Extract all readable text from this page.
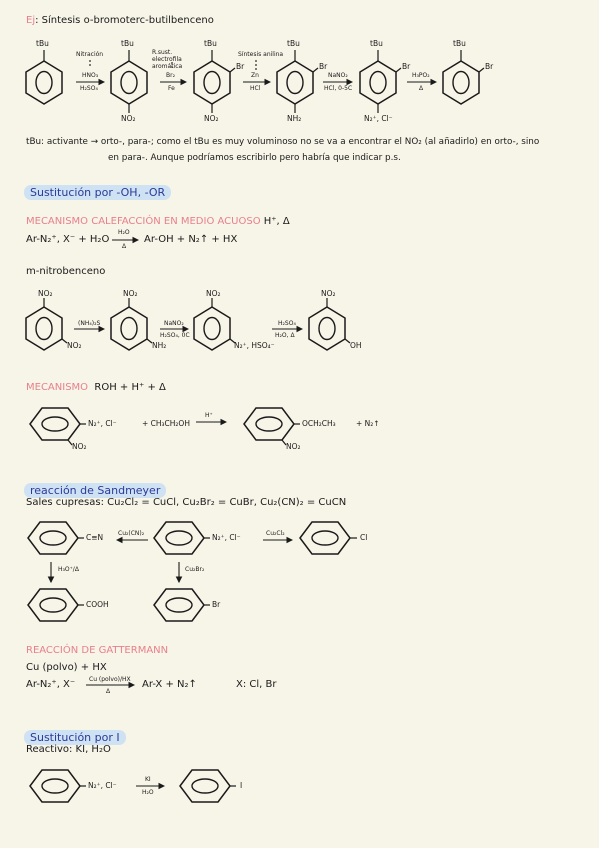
Ej: Síntesis o-bromoterc-butilbenceno
tBu	tBu	tBu	tBu	tBu	tBu
Nitración	R.sust. electrofila aromática
Síntesis anilina
HNO₃
H₂SO₄
Br₂
Fe
Zn
HCl
NaNO₂
HCl, 0-5C
H₃PO₂
Δ
NO₂	NO₂	NH₂	N₂⁺, Cl⁻
Br	Br	Br	Br
tBu: activante → orto-, para-; como el tBu es muy voluminoso no se va a encontrar el NO₂ (al añadirlo) en orto-, sino
en para-. Aunque podríamos escribirlo pero habría que indicar p.s.
Sustitución por -OH, -OR
MECANISMO CALEFACCIÓN EN MEDIO ACUOSO H⁺, Δ
Ar-N₂⁺, X⁻ + H₂O
H₂O
Δ
Ar-OH + N₂↑ + HX
m-nitrobenceno
NO₂	NO₂	NO₂	NO₂
NO₂	NH₂	N₂⁺, HSO₄⁻	OH
(NH₄)₂S	NaNO₂
H₂SO₄, 0C
H₂SO₄
H₂O, Δ
MECANISMO ROH + H⁺ + Δ
N₂⁺, Cl⁻
NO₂
+ CH₃CH₂OH
H⁺
OCH₂CH₃
NO₂
+ N₂↑
reacción de Sandmeyer
Sales cupresas: Cu₂Cl₂ = CuCl, Cu₂Br₂ = CuBr, Cu₂(CN)₂ = CuCN
C≡N Cu₂(CN)₂	N₂⁺, Cl⁻	Cu₂Cl₂	Cl
H₃O⁺/Δ	Cu₂Br₂
COOH	Br
REACCIÓN DE GATTERMANN
Cu (polvo) + HX
Ar-N₂⁺, X⁻ Cu (polvo)/HX
Δ
Ar-X + N₂↑	X: Cl, Br
Sustitución por I
Reactivo: KI, H₂O
N₂⁺, Cl⁻
KI
H₂O
I
